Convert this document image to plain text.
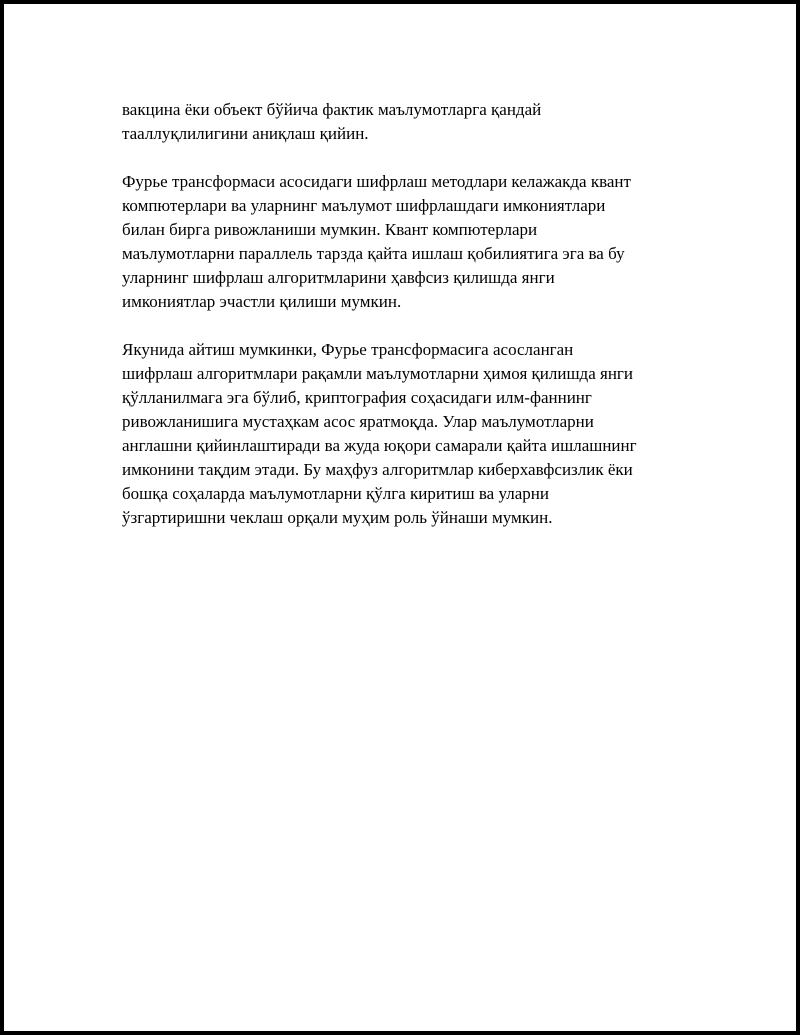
вакцина ёки объект бўйича фактик маълумотларга қандай
тааллуқлилигини аниқлаш қийин.

Фурье трансформаси асосидаги шифрлаш методлари келажакда квант
компютерлари ва уларнинг маълумот шифрлашдаги имкониятлари
билан бирга ривожланиши мумкин. Квант компютерлари
маълумотларни параллель тарзда қайта ишлаш қобилиятига эга ва бу
уларнинг шифрлаш алгоритмларини ҳавфсиз қилишда янги
имкониятлар эчастли қилиши мумкин.

Якунида айтиш мумкинки, Фурье трансформасига асосланган
шифрлаш алгоритмлари рақамли маълумотларни ҳимоя қилишда янги
қўлланилмага эга бўлиб, криптография соҳасидаги илм-фаннинг
ривожланишига мустаҳкам асос яратмоқда. Улар маълумотларни
англашни қийинлаштиради ва жуда юқори самарали қайта ишлашнинг
имконини тақдим этади. Бу маҳфуз алгоритмлар киберхавфсизлик ёки
бошқа соҳаларда маълумотларни қўлга киритиш ва уларни
ўзгартиришни чеклаш орқали муҳим роль ўйнаши мумкин.
